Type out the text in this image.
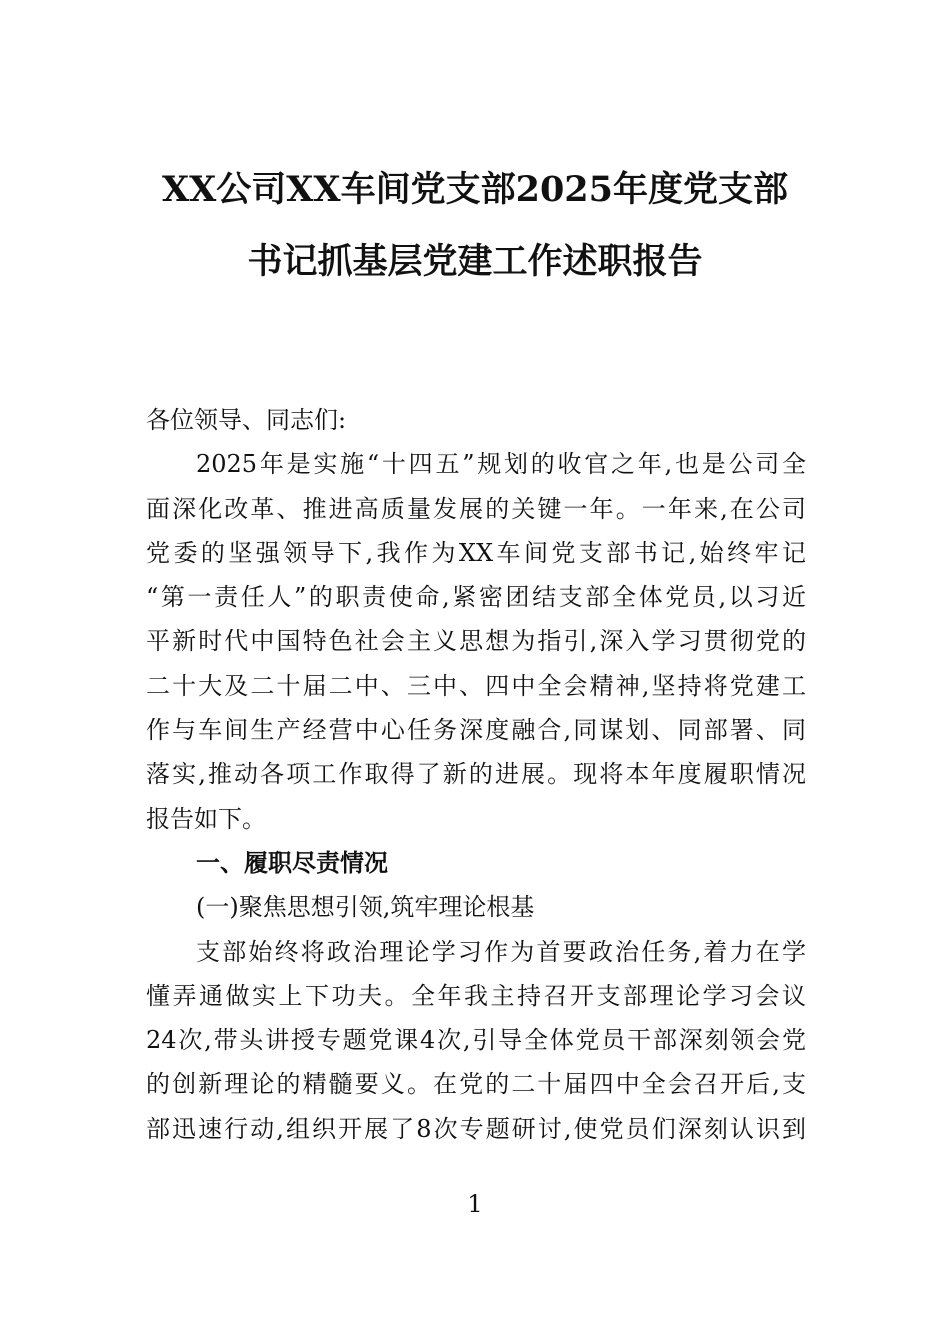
XX公司XX车间党支部2025年度党支部
书记抓基层党建工作述职报告
各位领导、同志们:
2025年是实施“十四五”规划的收官之年,也是公司全
面深化改革、推进高质量发展的关键一年。一年来,在公司
党委的坚强领导下,我作为XX车间党支部书记,始终牢记
“第一责任人”的职责使命,紧密团结支部全体党员,以习近
平新时代中国特色社会主义思想为指引,深入学习贯彻党的
二十大及二十届二中、三中、四中全会精神,坚持将党建工
作与车间生产经营中心任务深度融合,同谋划、同部署、同
落实,推动各项工作取得了新的进展。现将本年度履职情况
报告如下。
一、履职尽责情况
(一)聚焦思想引领,筑牢理论根基
支部始终将政治理论学习作为首要政治任务,着力在学
懂弄通做实上下功夫。全年我主持召开支部理论学习会议
24次,带头讲授专题党课4次,引导全体党员干部深刻领会党
的创新理论的精髓要义。在党的二十届四中全会召开后,支
部迅速行动,组织开展了8次专题研讨,使党员们深刻认识到
1
